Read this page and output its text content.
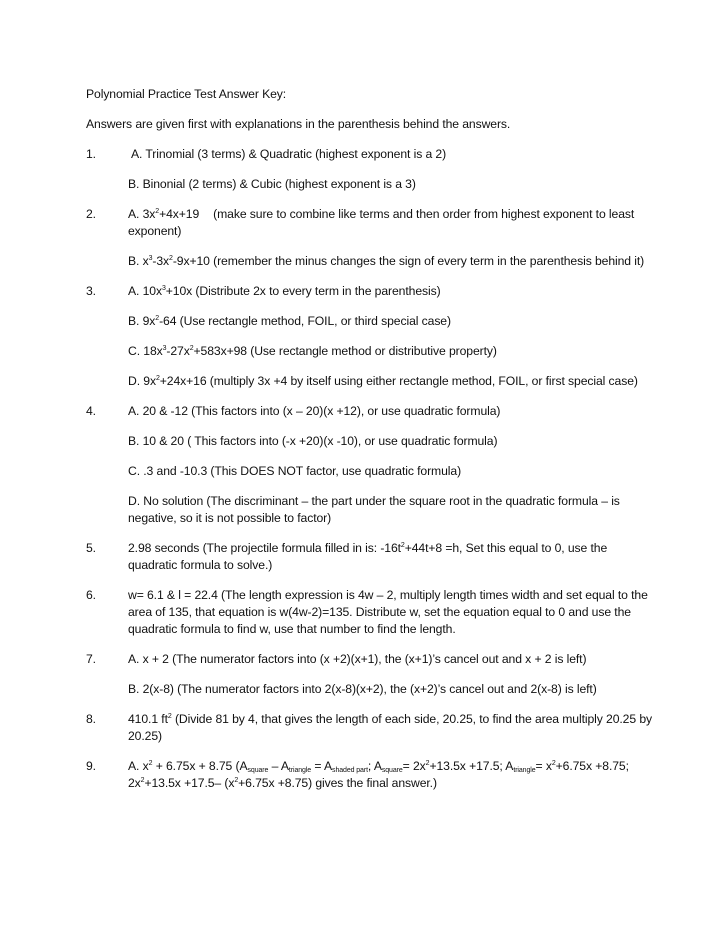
Polynomial Practice Test Answer Key:

Answers are given first with explanations in the parenthesis behind the answers.

1.	A. Trinomial (3 terms) & Quadratic (highest exponent is a 2)

B. Binonial (2 terms) & Cubic (highest exponent is a 3)

2.	A. $3x^2+4x+19$ (make sure to combine like terms and then order from highest exponent to least exponent)

B. $x^3-3x^2-9x+10$ (remember the minus changes the sign of every term in the parenthesis behind it)

3.	A. $10x^3+10x$ (Distribute 2x to every term in the parenthesis)

B. $9x^2-64$ (Use rectangle method, FOIL, or third special case)

C. $18x^3-27x^2+583x+98$ (Use rectangle method or distributive property)

D. $9x^2+24x+16$ (multiply 3x +4 by itself using either rectangle method, FOIL, or first special case)

4.	A. 20 & -12 (This factors into (x – 20)(x +12), or use quadratic formula)

B. 10 & 20 ( This factors into (-x +20)(x -10), or use quadratic formula)

C. .3 and -10.3 (This DOES NOT factor, use quadratic formula)

D. No solution (The discriminant – the part under the square root in the quadratic formula – is negative, so it is not possible to factor)

5.	2.98 seconds (The projectile formula filled in is: $-16t^2+44t+8 =h$, Set this equal to 0, use the quadratic formula to solve.)

6.	w= 6.1 & l = 22.4 (The length expression is 4w – 2, multiply length times width and set equal to the area of 135, that equation is w(4w-2)=135. Distribute w, set the equation equal to 0 and use the quadratic formula to find w, use that number to find the length.

7.	A. x + 2 (The numerator factors into (x +2)(x+1), the (x+1)’s cancel out and x + 2 is left)

B. 2(x-8) (The numerator factors into 2(x-8)(x+2), the (x+2)’s cancel out and 2(x-8) is left)

8.	410.1 $ft^2$ (Divide 81 by 4, that gives the length of each side, 20.25, to find the area multiply 20.25 by 20.25)

9.	A. $x^2 + 6.75x + 8.75$ ($A_{square} - A_{triangle} = A_{shaded part}$; $A_{square}= 2x^2+13.5x +17.5$; $A_{triangle}= x^2+6.75x +8.75$; $2x^2+13.5x +17.5-$ $(x^2+6.75x +8.75)$ gives the final answer.)
